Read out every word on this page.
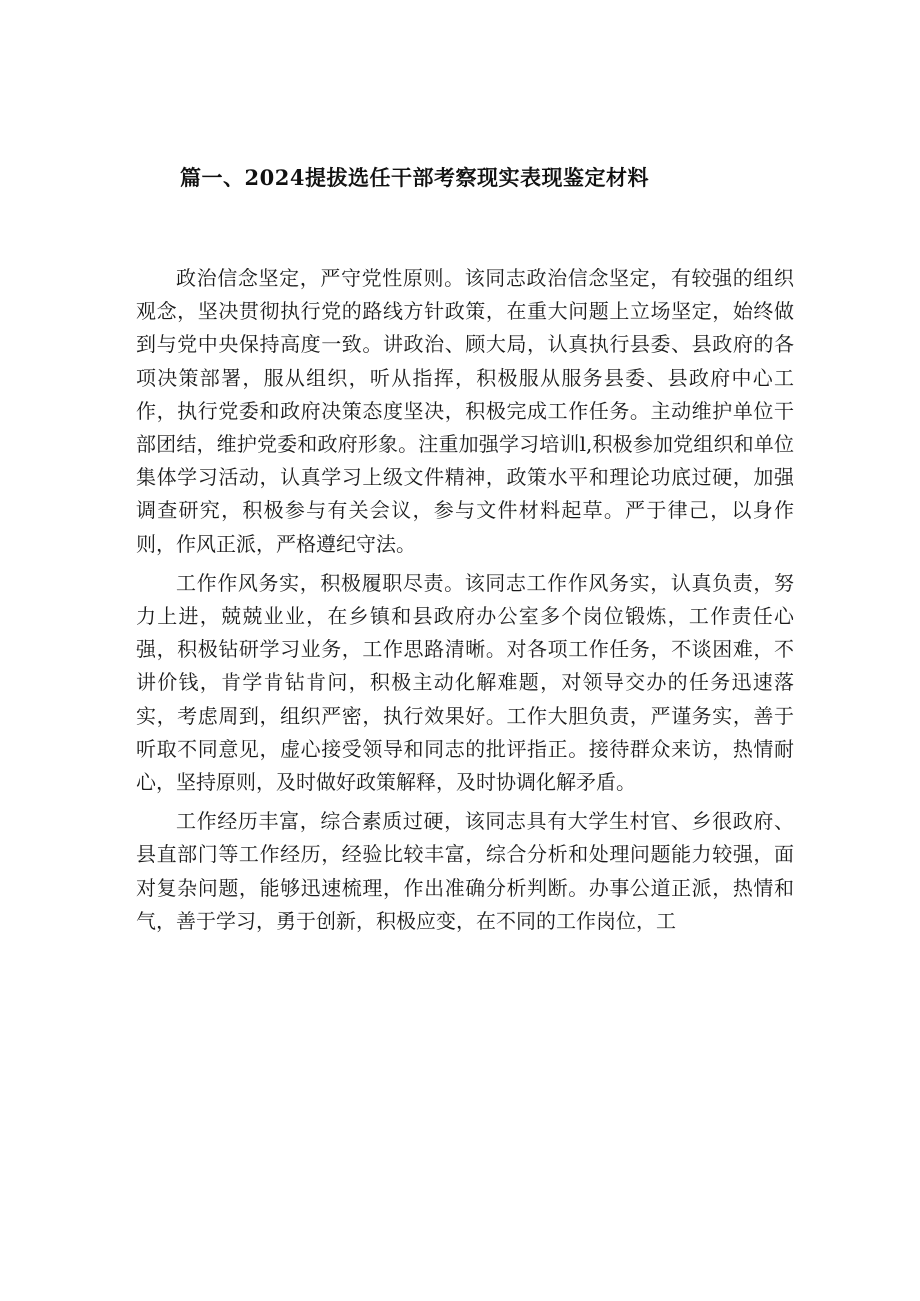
篇一、2024提拔选任干部考察现实表现鉴定材料

政治信念坚定，严守党性原则。该同志政治信念坚定，有较强的组织观念，坚决贯彻执行党的路线方针政策，在重大问题上立场坚定，始终做到与党中央保持高度一致。讲政治、顾大局，认真执行县委、县政府的各项决策部署，服从组织，听从指挥，积极服从服务县委、县政府中心工作，执行党委和政府决策态度坚决，积极完成工作任务。主动维护单位干部团结，维护党委和政府形象。注重加强学习培训l,积极参加党组织和单位集体学习活动，认真学习上级文件精神，政策水平和理论功底过硬，加强调查研究，积极参与有关会议，参与文件材料起草。严于律己，以身作则，作风正派，严格遵纪守法。

工作作风务实，积极履职尽责。该同志工作作风务实，认真负责，努力上进，兢兢业业，在乡镇和县政府办公室多个岗位锻炼，工作责任心强，积极钻研学习业务，工作思路清晰。对各项工作任务，不谈困难，不讲价钱，肯学肯钻肯问，积极主动化解难题，对领导交办的任务迅速落实，考虑周到，组织严密，执行效果好。工作大胆负责，严谨务实，善于听取不同意见，虚心接受领导和同志的批评指正。接待群众来访，热情耐心，坚持原则，及时做好政策解释，及时协调化解矛盾。

工作经历丰富，综合素质过硬，该同志具有大学生村官、乡很政府、县直部门等工作经历，经验比较丰富，综合分析和处理问题能力较强，面对复杂问题，能够迅速梳理，作出准确分析判断。办事公道正派，热情和气，善于学习，勇于创新，积极应变，在不同的工作岗位，工
